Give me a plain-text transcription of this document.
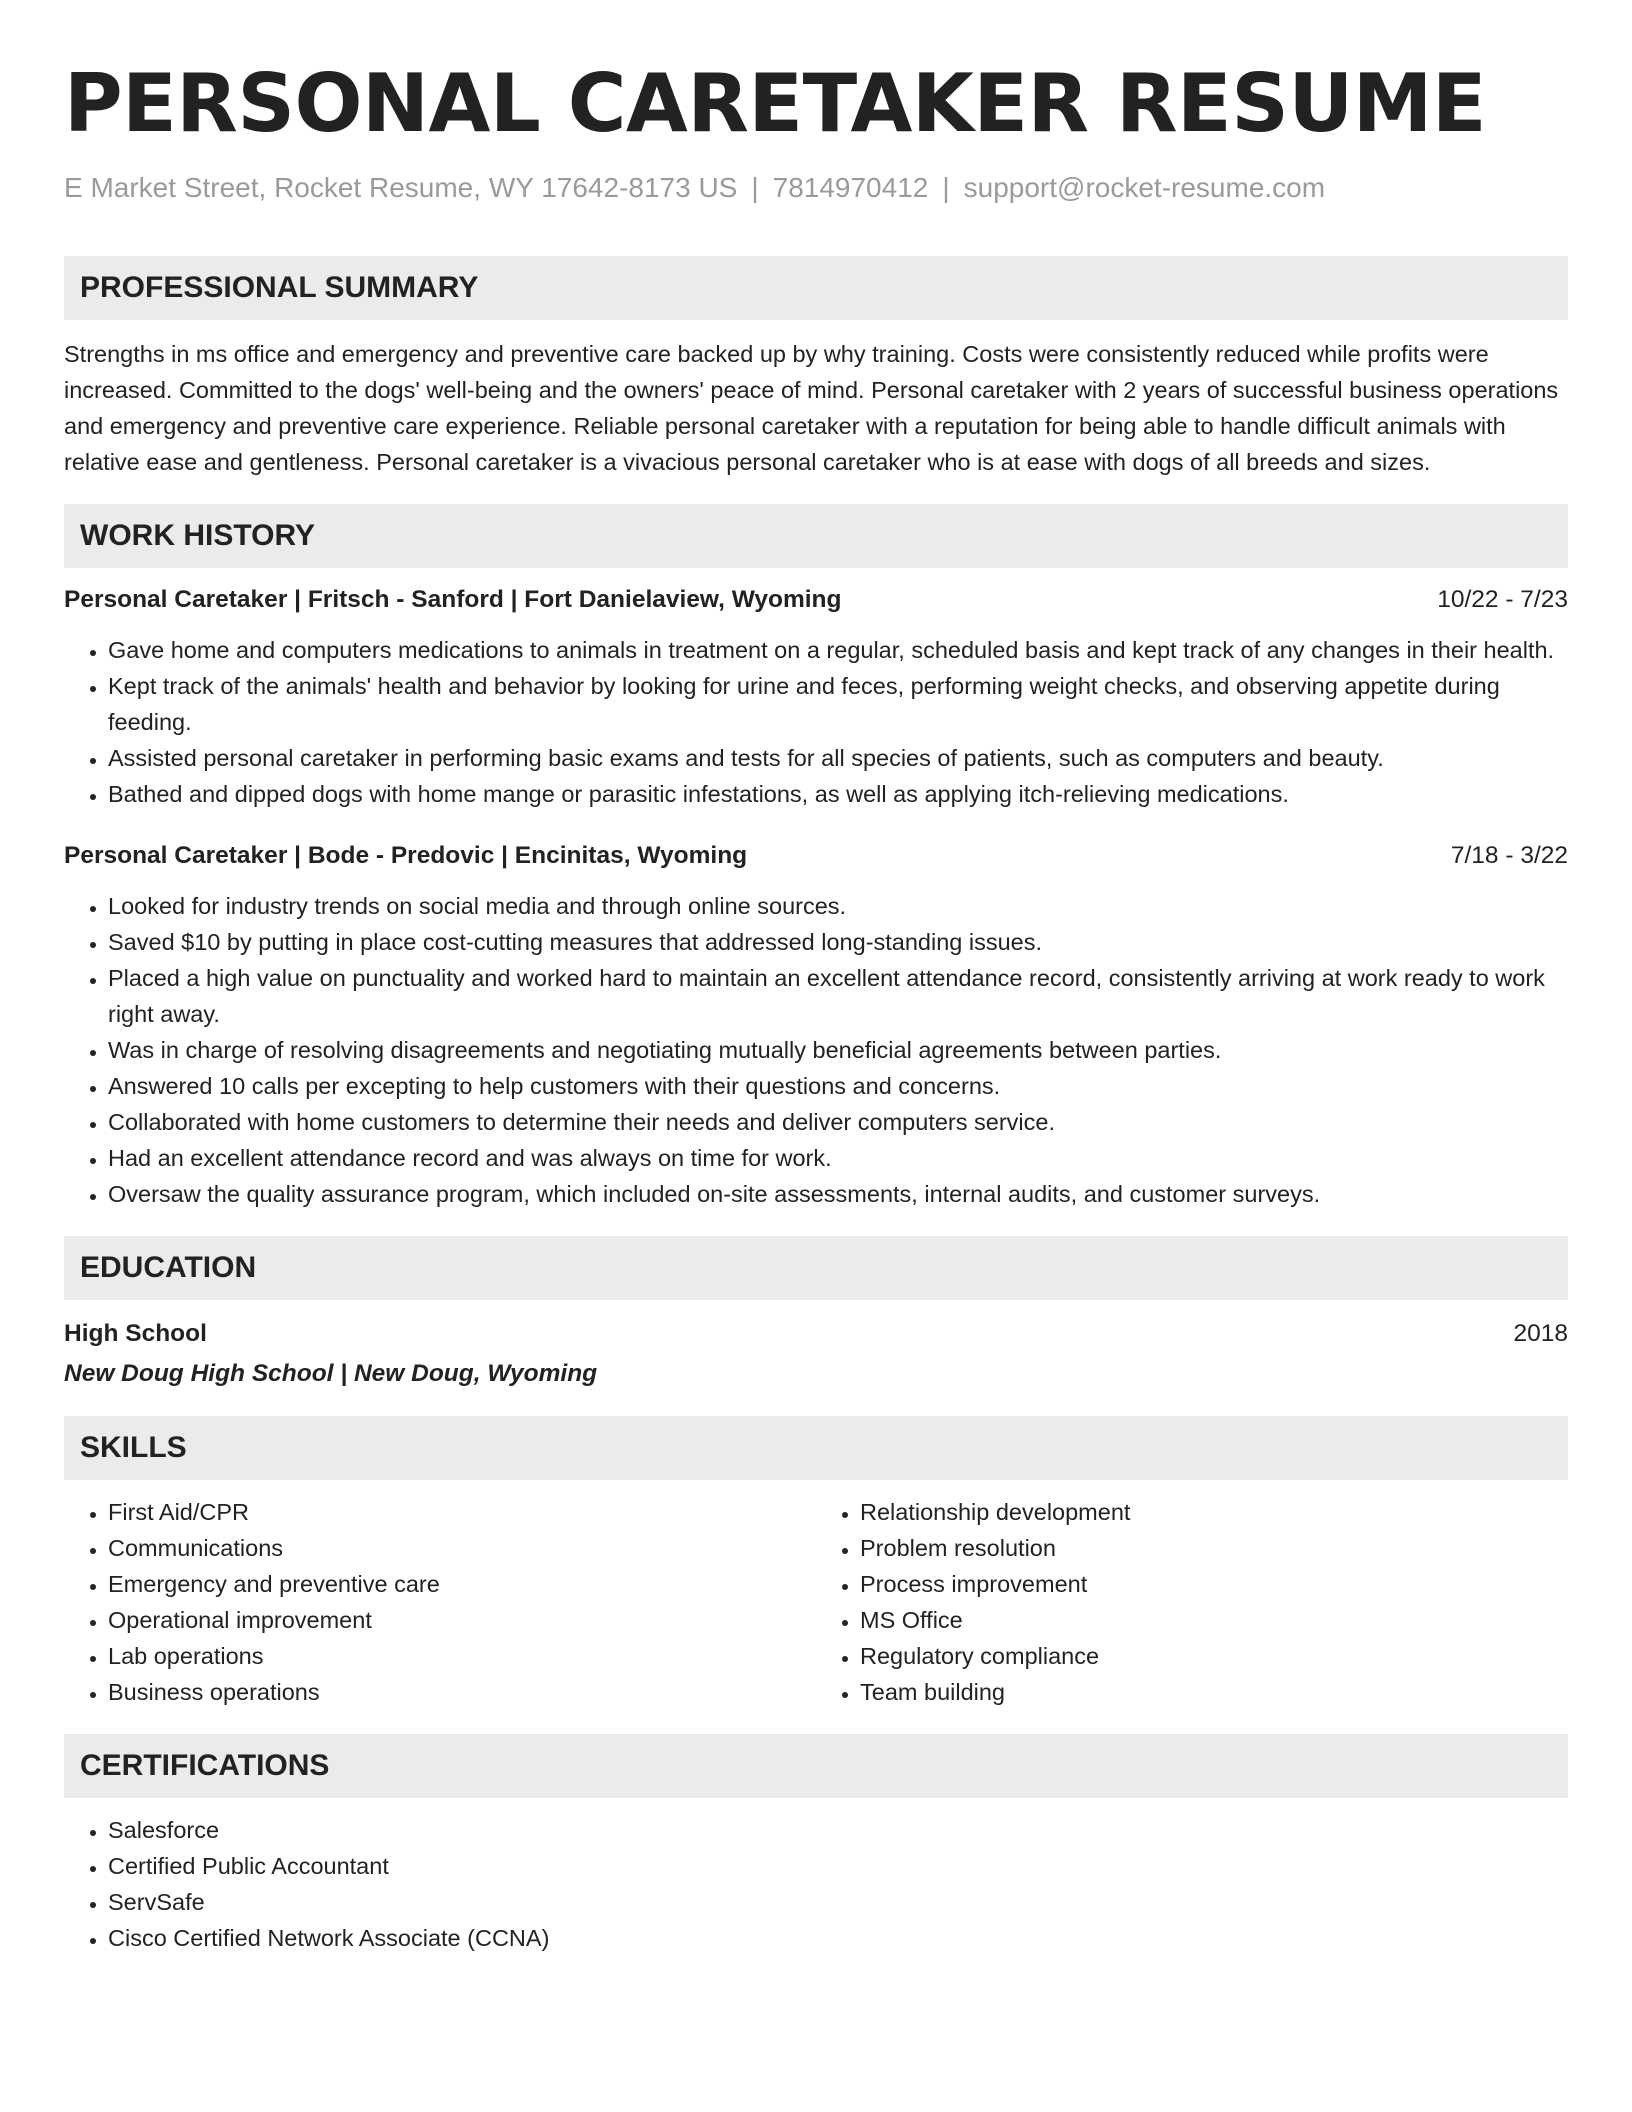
PERSONAL CARETAKER RESUME
E Market Street, Rocket Resume, WY 17642-8173 US | 7814970412 | support@rocket-resume.com
PROFESSIONAL SUMMARY

Strengths in ms office and emergency and preventive care backed up by why training. Costs were consistently reduced while profits were increased. Committed to the dogs' well-being and the owners' peace of mind. Personal caretaker with 2 years of successful business operations and emergency and preventive care experience. Reliable personal caretaker with a reputation for being able to handle difficult animals with relative ease and gentleness. Personal caretaker is a vivacious personal caretaker who is at ease with dogs of all breeds and sizes.

WORK HISTORY
Personal Caretaker | Fritsch - Sanford | Fort Danielaview, Wyoming	10/22 - 7/23
• Gave home and computers medications to animals in treatment on a regular, scheduled basis and kept track of any changes in their health.
• Kept track of the animals' health and behavior by looking for urine and feces, performing weight checks, and observing appetite during feeding.
• Assisted personal caretaker in performing basic exams and tests for all species of patients, such as computers and beauty.
• Bathed and dipped dogs with home mange or parasitic infestations, as well as applying itch-relieving medications.
Personal Caretaker | Bode - Predovic | Encinitas, Wyoming	7/18 - 3/22
• Looked for industry trends on social media and through online sources.
• Saved $10 by putting in place cost-cutting measures that addressed long-standing issues.
• Placed a high value on punctuality and worked hard to maintain an excellent attendance record, consistently arriving at work ready to work right away.
• Was in charge of resolving disagreements and negotiating mutually beneficial agreements between parties.
• Answered 10 calls per excepting to help customers with their questions and concerns.
• Collaborated with home customers to determine their needs and deliver computers service.
• Had an excellent attendance record and was always on time for work.
• Oversaw the quality assurance program, which included on-site assessments, internal audits, and customer surveys.
EDUCATION
High School	2018
New Doug High School | New Doug, Wyoming
SKILLS
• First Aid/CPR
• Communications
• Emergency and preventive care
• Operational improvement
• Lab operations
• Business operations
• Relationship development
• Problem resolution
• Process improvement
• MS Office
• Regulatory compliance
• Team building
CERTIFICATIONS
• Salesforce
• Certified Public Accountant
• ServSafe
• Cisco Certified Network Associate (CCNA)
